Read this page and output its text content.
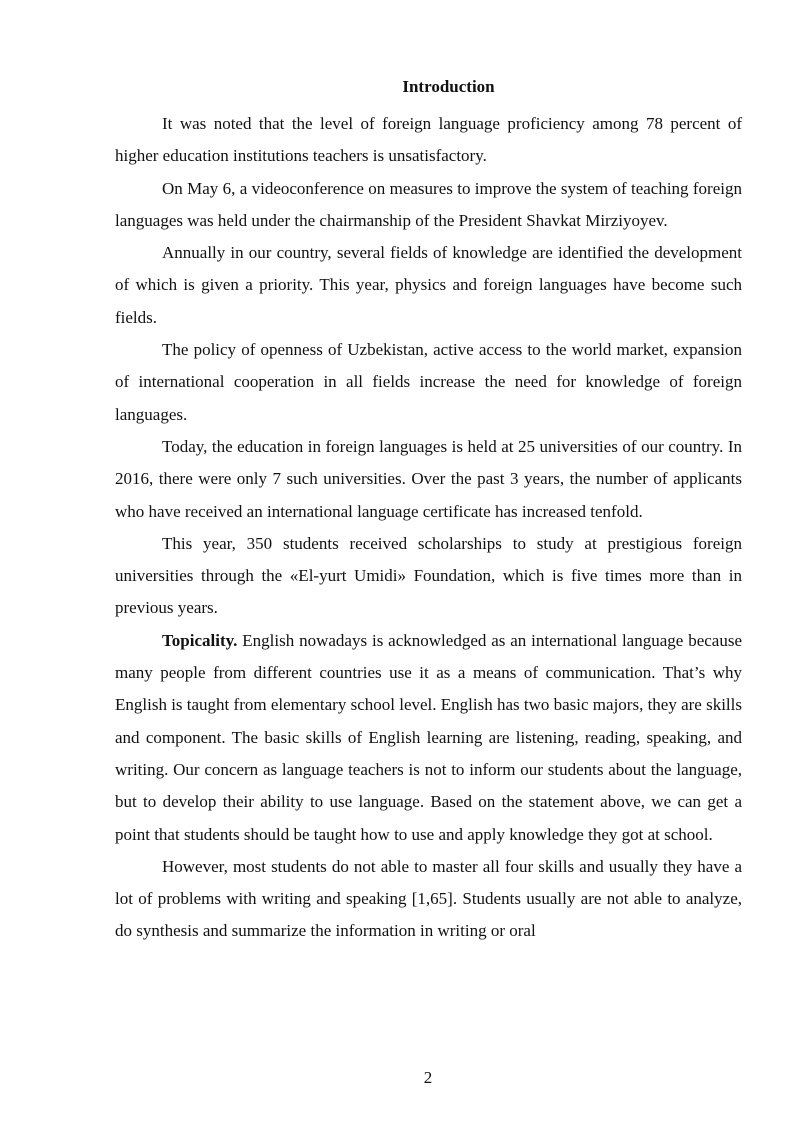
Introduction

It was noted that the level of foreign language proficiency among 78 percent of higher education institutions teachers is unsatisfactory.

On May 6, a videoconference on measures to improve the system of teaching foreign languages was held under the chairmanship of the President Shavkat Mirziyoyev.

Annually in our country, several fields of knowledge are identified the development of which is given a priority. This year, physics and foreign languages have become such fields.

The policy of openness of Uzbekistan, active access to the world market, expansion of international cooperation in all fields increase the need for knowledge of foreign languages.

Today, the education in foreign languages is held at 25 universities of our country. In 2016, there were only 7 such universities. Over the past 3 years, the number of applicants who have received an international language certificate has increased tenfold.

This year, 350 students received scholarships to study at prestigious foreign universities through the «El-yurt Umidi» Foundation, which is five times more than in previous years.

Topicality. English nowadays is acknowledged as an international language because many people from different countries use it as a means of communication. That’s why English is taught from elementary school level. English has two basic majors, they are skills and component. The basic skills of English learning are listening, reading, speaking, and writing. Our concern as language teachers is not to inform our students about the language, but to develop their ability to use language. Based on the statement above, we can get a point that students should be taught how to use and apply knowledge they got at school.

However, most students do not able to master all four skills and usually they have a lot of problems with writing and speaking [1,65]. Students usually are not able to analyze, do synthesis and summarize the information in writing or oral

2
